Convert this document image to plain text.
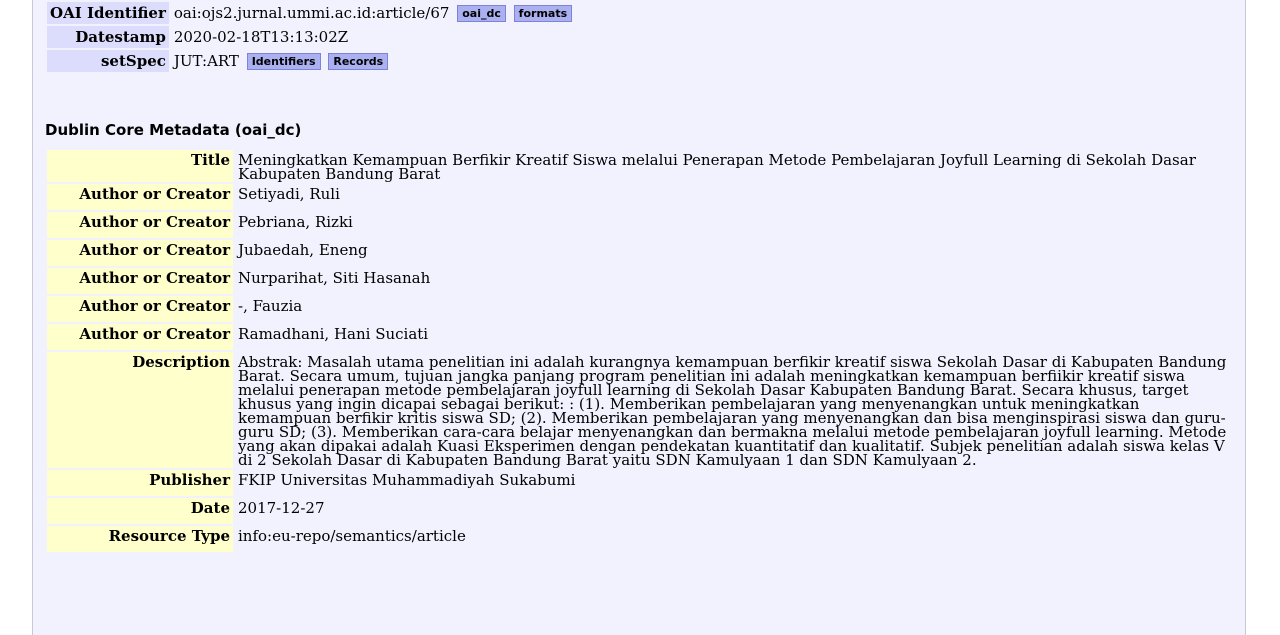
OAI Identifier	oai:ojs2.jurnal.ummi.ac.id:article/67 oai_dc formats
Datestamp	2020-02-18T13:13:02Z
setSpec	JUT:ART Identifiers Records
Dublin Core Metadata (oai_dc)
Title	Meningkatkan Kemampuan Berfikir Kreatif Siswa melalui Penerapan Metode Pembelajaran Joyfull Learning di Sekolah Dasar Kabupaten Bandung Barat
Author or Creator	Setiyadi, Ruli
Author or Creator	Pebriana, Rizki
Author or Creator	Jubaedah, Eneng
Author or Creator	Nurparihat, Siti Hasanah
Author or Creator	-, Fauzia
Author or Creator	Ramadhani, Hani Suciati
Description	Abstrak: Masalah utama penelitian ini adalah kurangnya kemampuan berfikir kreatif siswa Sekolah Dasar di Kabupaten Bandung Barat. Secara umum, tujuan jangka panjang program penelitian ini adalah meningkatkan kemampuan berfiikir kreatif siswa melalui penerapan metode pembelajaran joyfull learning di Sekolah Dasar Kabupaten Bandung Barat. Secara khusus, target khusus yang ingin dicapai sebagai berikut: : (1). Memberikan pembelajaran yang menyenangkan untuk meningkatkan kemampuan berfikir kritis siswa SD; (2). Memberikan pembelajaran yang menyenangkan dan bisa menginspirasi siswa dan guru-guru SD; (3). Memberikan cara-cara belajar menyenangkan dan bermakna melalui metode pembelajaran joyfull learning. Metode yang akan dipakai adalah Kuasi Eksperimen dengan pendekatan kuantitatif dan kualitatif. Subjek penelitian adalah siswa kelas V di 2 Sekolah Dasar di Kabupaten Bandung Barat yaitu SDN Kamulyaan 1 dan SDN Kamulyaan 2.
Publisher	FKIP Universitas Muhammadiyah Sukabumi
Date	2017-12-27
Resource Type	info:eu-repo/semantics/article
